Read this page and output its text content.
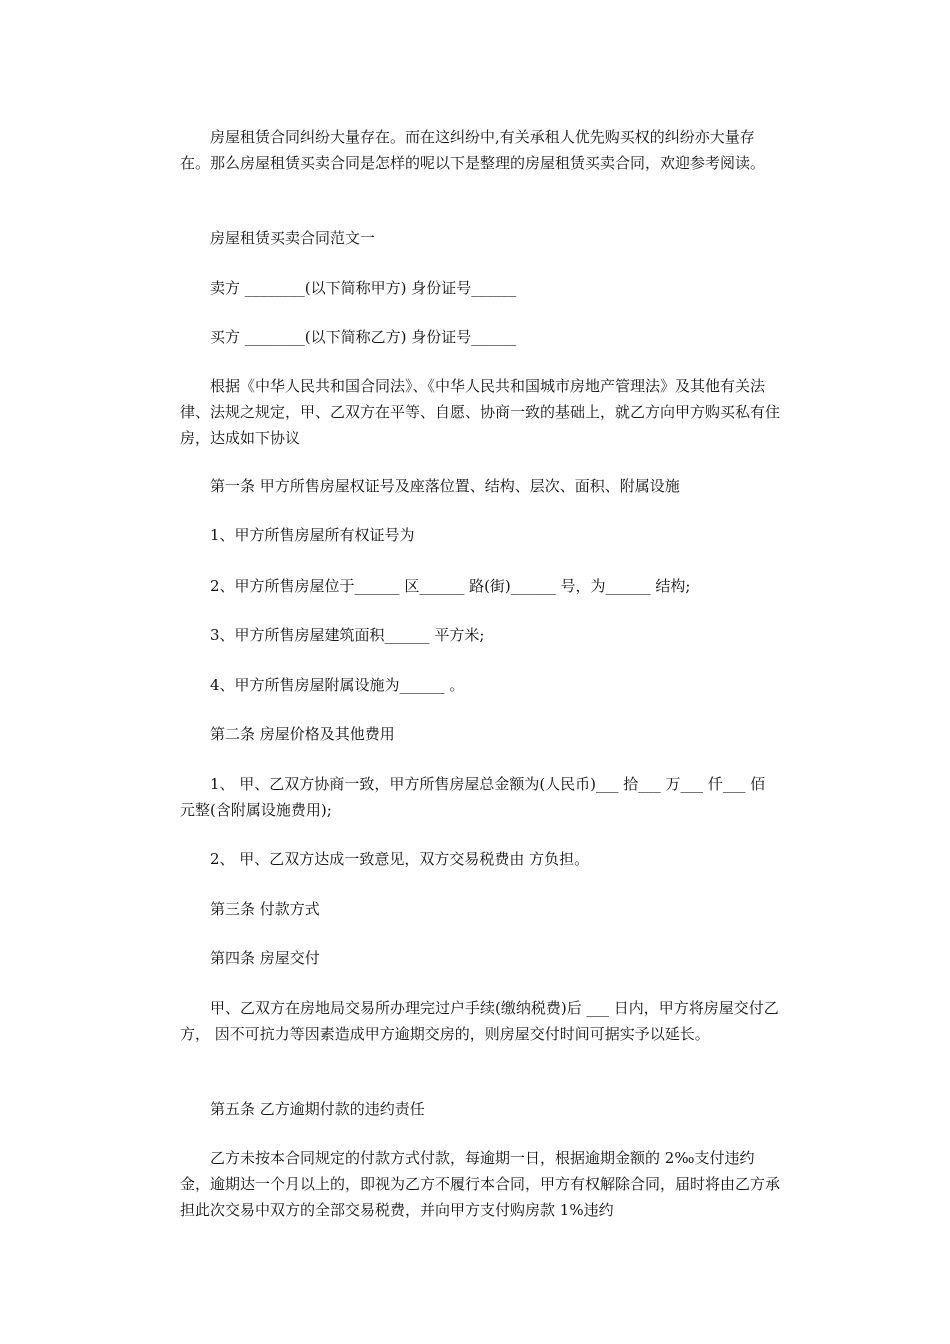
　　房屋租赁合同纠纷大量存在。而在这纠纷中,有关承租人优先购买权的纠纷亦大量存在。那么房屋租赁买卖合同是怎样的呢以下是整理的房屋租赁买卖合同，欢迎参考阅读。

　　房屋租赁买卖合同范文一

　　卖方 ________(以下简称甲方) 身份证号______

　　买方 ________(以下简称乙方) 身份证号______

　　根据《中华人民共和国合同法》、《中华人民共和国城市房地产管理法》及其他有关法律、法规之规定，甲、乙双方在平等、自愿、协商一致的基础上，就乙方向甲方购买私有住房，达成如下协议

　　第一条 甲方所售房屋权证号及座落位置、结构、层次、面积、附属设施

　　1、甲方所售房屋所有权证号为

　　2、甲方所售房屋位于______ 区______ 路(街)______ 号，为______ 结构;

　　3、甲方所售房屋建筑面积______ 平方米;

　　4、甲方所售房屋附属设施为______ 。

　　第二条 房屋价格及其他费用

　　1、 甲、乙双方协商一致，甲方所售房屋总金额为(人民币)___ 拾___ 万___ 仟___ 佰元整(含附属设施费用);

　　2、 甲、乙双方达成一致意见，双方交易税费由 方负担。

　　第三条 付款方式

　　第四条 房屋交付

　　甲、乙双方在房地局交易所办理完过户手续(缴纳税费)后 ___ 日内，甲方将房屋交付乙方， 因不可抗力等因素造成甲方逾期交房的，则房屋交付时间可据实予以延长。

　　第五条 乙方逾期付款的违约责任

　　乙方未按本合同规定的付款方式付款，每逾期一日，根据逾期金额的 2‰支付违约金，逾期达一个月以上的，即视为乙方不履行本合同，甲方有权解除合同，届时将由乙方承担此次交易中双方的全部交易税费，并向甲方支付购房款 1%违约
